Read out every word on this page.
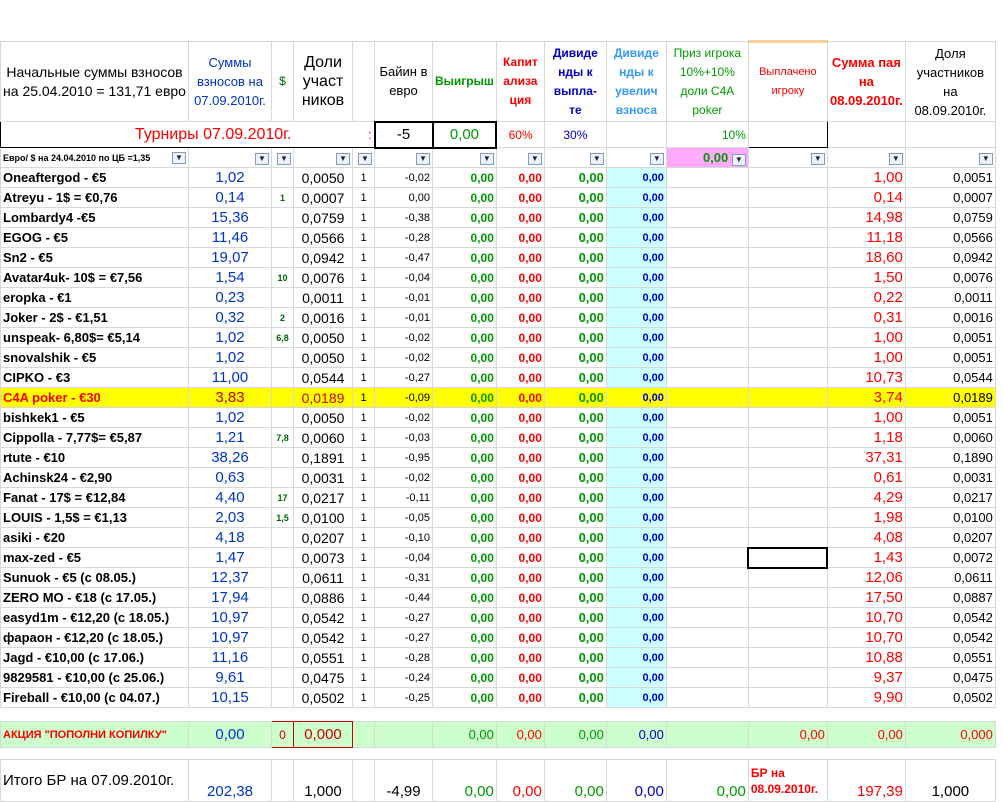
Начальные суммы взносов на 25.04.2010 = 131,71 евро	Суммы взносов на 07.09.2010г.	$	Доли участ ников		Байин в евро	Выигрыш	Капит ализа ция	Дивиде нды к выпла- те	Дивиде нды к увелич взноса	Приз игрока 10%+10% доли C4A poker	Выплачено игроку	Сумма пая на 08.09.2010г.	Доля участников на 08.09.2010г.
Турниры 07.09.2010г.			:		-5	0,00	60%	30%		10%			
Евро/ $ на 24.04.2010 по ЦБ =1,35 ▼	▼	▼	▼	▼	▼	▼	▼	▼	▼	0,00 ▼	▼	▼	▼

Oneaftergod - €5	1,02		0,0050	1	-0,02	0,00	0,00	0,00	0,00			1,00	0,0051
Atreyu - 1$ = €0,76	0,14	1	0,0007	1	0,00	0,00	0,00	0,00	0,00			0,14	0,0007
Lombardy4 -€5	15,36		0,0759	1	-0,38	0,00	0,00	0,00	0,00			14,98	0,0759
EGOG - €5	11,46		0,0566	1	-0,28	0,00	0,00	0,00	0,00			11,18	0,0566
Sn2 - €5	19,07		0,0942	1	-0,47	0,00	0,00	0,00	0,00			18,60	0,0942
Avatar4uk- 10$ = €7,56	1,54	10	0,0076	1	-0,04	0,00	0,00	0,00	0,00			1,50	0,0076
eropka - €1	0,23		0,0011	1	-0,01	0,00	0,00	0,00	0,00			0,22	0,0011
Joker - 2$ - €1,51	0,32	2	0,0016	1	-0,01	0,00	0,00	0,00	0,00			0,31	0,0016
unspeak- 6,80$= €5,14	1,02	6,8	0,0050	1	-0,02	0,00	0,00	0,00	0,00			1,00	0,0051
snovalshik - €5	1,02		0,0050	1	-0,02	0,00	0,00	0,00	0,00			1,00	0,0051
CIPKO - €3	11,00		0,0544	1	-0,27	0,00	0,00	0,00	0,00			10,73	0,0544
C4A poker - €30	3,83		0,0189	1	-0,09	0,00	0,00	0,00	0,00			3,74	0,0189
bishkek1 - €5	1,02		0,0050	1	-0,02	0,00	0,00	0,00	0,00			1,00	0,0051
Cippolla - 7,77$= €5,87	1,21	7,8	0,0060	1	-0,03	0,00	0,00	0,00	0,00			1,18	0,0060
rtute - €10	38,26		0,1891	1	-0,95	0,00	0,00	0,00	0,00			37,31	0,1890
Achinsk24 - €2,90	0,63		0,0031	1	-0,02	0,00	0,00	0,00	0,00			0,61	0,0031
Fanat - 17$ = €12,84	4,40	17	0,0217	1	-0,11	0,00	0,00	0,00	0,00			4,29	0,0217
LOUIS - 1,5$ = €1,13	2,03	1,5	0,0100	1	-0,05	0,00	0,00	0,00	0,00			1,98	0,0100
asiki - €20	4,18		0,0207	1	-0,10	0,00	0,00	0,00	0,00			4,08	0,0207
max-zed - €5	1,47		0,0073	1	-0,04	0,00	0,00	0,00	0,00			1,43	0,0072
Sunuok - €5 (с 08.05.)	12,37		0,0611	1	-0,31	0,00	0,00	0,00	0,00			12,06	0,0611
ZERO MO - €18 (с 17.05.)	17,94		0,0886	1	-0,44	0,00	0,00	0,00	0,00			17,50	0,0887
easyd1m - €12,20 (с 18.05.)	10,97		0,0542	1	-0,27	0,00	0,00	0,00	0,00			10,70	0,0542
фараон - €12,20 (с 18.05.)	10,97		0,0542	1	-0,27	0,00	0,00	0,00	0,00			10,70	0,0542
Jagd - €10,00 (с 17.06.)	11,16		0,0551	1	-0,28	0,00	0,00	0,00	0,00			10,88	0,0551
9829581 - €10,00 (с 25.06.)	9,61		0,0475	1	-0,24	0,00	0,00	0,00	0,00			9,37	0,0475
Fireball - €10,00 (с 04.07.)	10,15		0,0502	1	-0,25	0,00	0,00	0,00	0,00			9,90	0,0502

АКЦИЯ "ПОПОЛНИ КОПИЛКУ"	0,00	0	0,000			0,00	0,00	0,00	0,00		0,00	0,00	0,000

Итого БР на 07.09.2010г.	202,38		1,000		-4,99	0,00	0,00	0,00	0,00	0,00	БР на 08.09.2010г.	197,39	1,000
